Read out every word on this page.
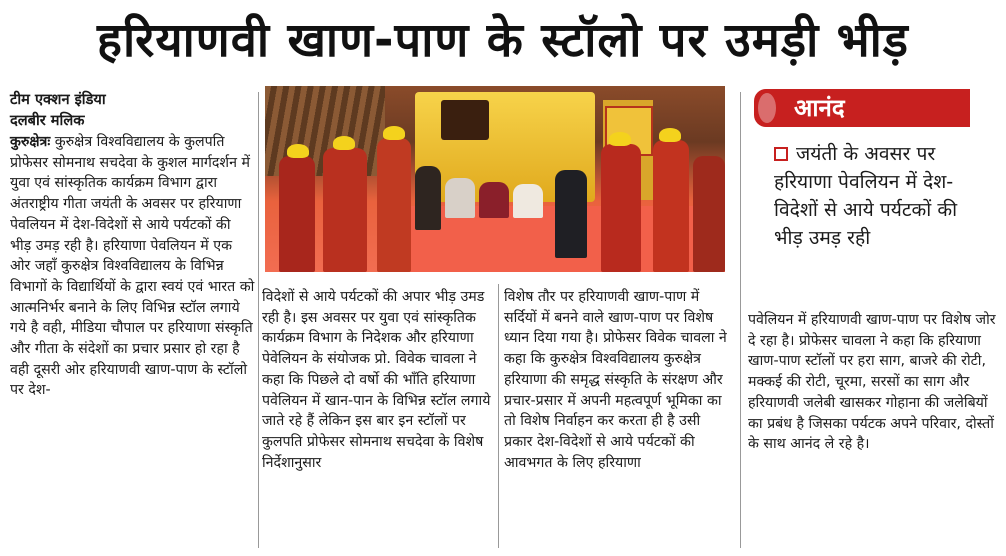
हरियाणवी खाण-पाण के स्टॉलो पर उमड़ी भीड़
टीम एक्शन इंडिया
दलबीर मलिक

कुरुक्षेत्रः कुरुक्षेत्र विश्वविद्यालय के कुलपति प्रोफेसर सोमनाथ सचदेवा के कुशल मार्गदर्शन में युवा एवं सांस्कृतिक कार्यक्रम विभाग द्वारा अंतराष्ट्रीय गीता जयंती के अवसर पर हरियाणा पेवलियन में देश-विदेशों से आये पर्यटकों की भीड़ उमड़ रही है। हरियाणा पेवलियन में एक ओर जहाँ कुरुक्षेत्र विश्वविद्यालय के विभिन्न विभागों के विद्यार्थियों के द्वारा स्वयं एवं भारत को आत्मनिर्भर बनाने के लिए विभिन्न स्टॉल लगाये गये है वही, मीडिया चौपाल पर हरियाणा संस्कृति और गीता के संदेशों का प्रचार प्रसार हो रहा है वही दूसरी ओर हरियाणवी खाण-पाण के स्टॉलो पर देश-

विदेशों से आये पर्यटकों की अपार भीड़ उमड रही है। इस अवसर पर युवा एवं सांस्कृतिक कार्यक्रम विभाग के निदेशक और हरियाणा पेवेलियन के संयोजक प्रो. विवेक चावला ने कहा कि पिछले दो वर्षो की भाँति हरियाणा पवेलियन में खान-पान के विभिन्न स्टॉल लगाये जाते रहे हैं लेकिन इस बार इन स्टॉलों पर कुलपति प्रोफेसर सोमनाथ सचदेवा के विशेष निर्देशानुसार

विशेष तौर पर हरियाणवी खाण-पाण में सर्दियों में बनने वाले खाण-पाण पर विशेष ध्यान दिया गया है। प्रोफेसर विवेक चावला ने कहा कि कुरुक्षेत्र विश्वविद्यालय कुरुक्षेत्र हरियाणा की समृद्ध संस्कृति के संरक्षण और प्रचार-प्रसार में अपनी महत्वपूर्ण भूमिका का तो विशेष निर्वाहन कर करता ही है उसी प्रकार देश-विदेशों से आये पर्यटकों की आवभगत के लिए हरियाणा

आनंद
जयंती के अवसर पर हरियाणा पेवलियन में देश-विदेशों से आये पर्यटकों की भीड़ उमड़ रही

पवेलियन में हरियाणवी खाण-पाण पर विशेष जोर दे रहा है। प्रोफेसर चावला ने कहा कि हरियाणा खाण-पाण स्टॉलों पर हरा साग, बाजरे की रोटी, मक्कई की रोटी, चूरमा, सरसों का साग और हरियाणवी जलेबी खासकर गोहाना की जलेबियों का प्रबंध है जिसका पर्यटक अपने परिवार, दोस्तों के साथ आनंद ले रहे है।
